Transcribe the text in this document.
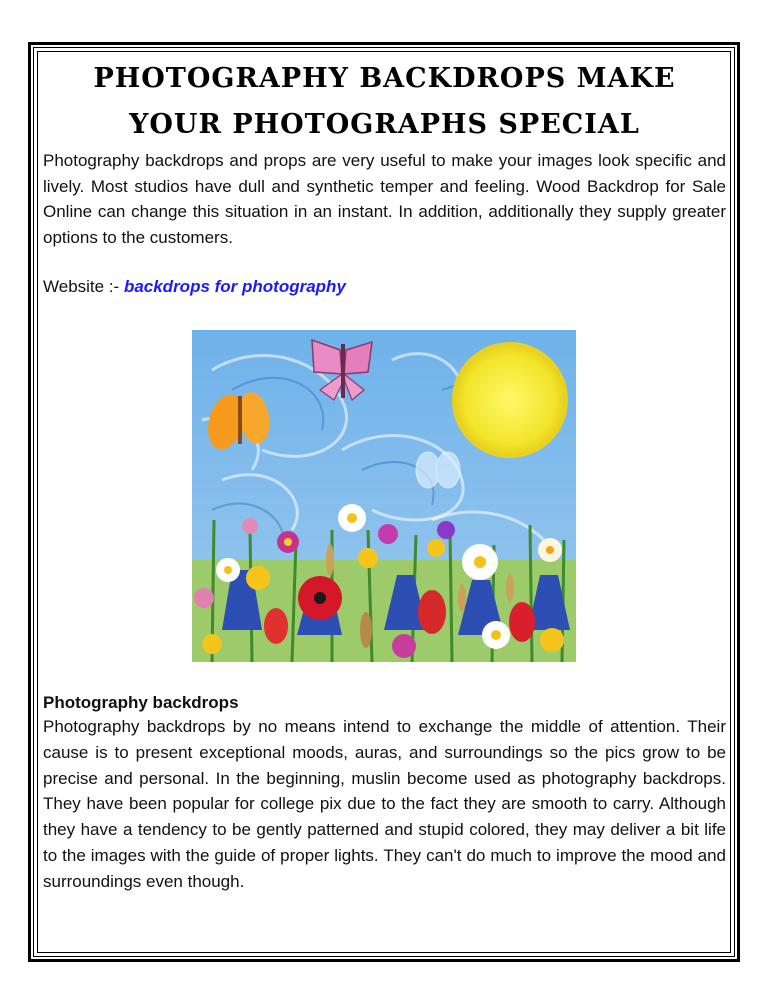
PHOTOGRAPHY BACKDROPS MAKE YOUR PHOTOGRAPHS SPECIAL

Photography backdrops and props are very useful to make your images look specific and lively. Most studios have dull and synthetic temper and feeling. Wood Backdrop for Sale Online can change this situation in an instant. In addition, additionally they supply greater options to the customers.

Website :- backdrops for photography

Photography backdrops

Photography backdrops by no means intend to exchange the middle of attention. Their cause is to present exceptional moods, auras, and surroundings so the pics grow to be precise and personal. In the beginning, muslin become used as photography backdrops. They have been popular for college pix due to the fact they are smooth to carry. Although they have a tendency to be gently patterned and stupid colored, they may deliver a bit life to the images with the guide of proper lights. They can't do much to improve the mood and surroundings even though.
